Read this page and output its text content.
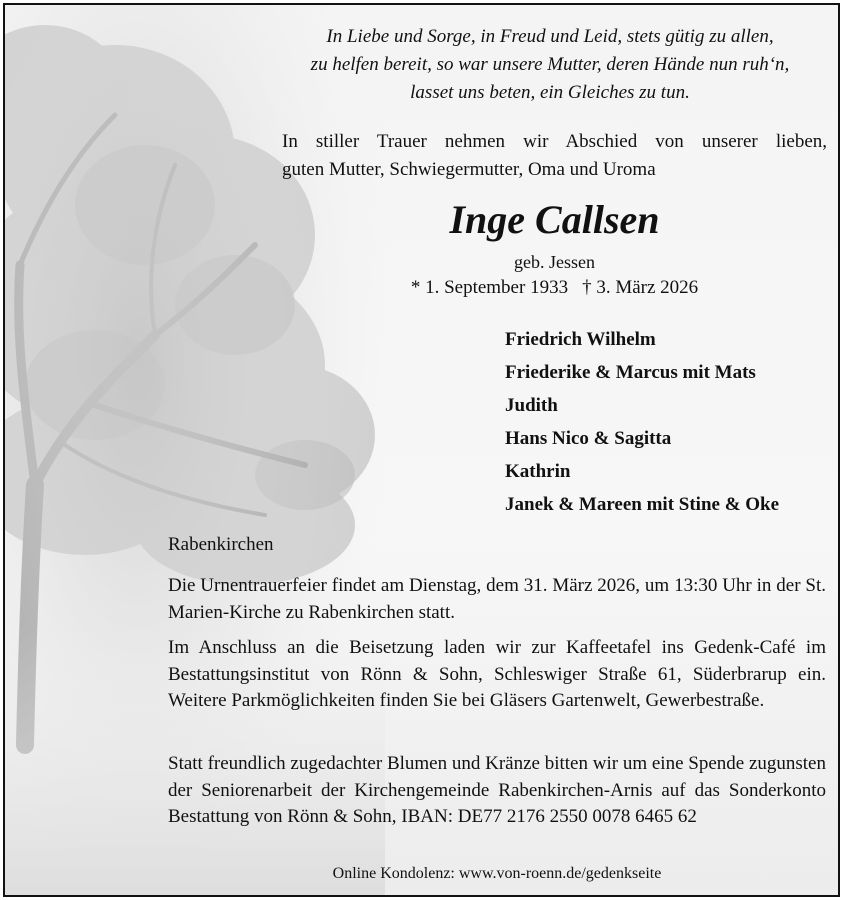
In Liebe und Sorge, in Freud und Leid, stets gütig zu allen,
zu helfen bereit, so war unsere Mutter, deren Hände nun ruh‘n,
lasset uns beten, ein Gleiches zu tun.
In stiller Trauer nehmen wir Abschied von unserer lieben,
guten Mutter, Schwiegermutter, Oma und Uroma
Inge Callsen
geb. Jessen
* 1. September 1933 † 3. März 2026
Friedrich Wilhelm
Friederike & Marcus mit Mats
Judith
Hans Nico & Sagitta
Kathrin
Janek & Mareen mit Stine & Oke
Rabenkirchen
Die Urnentrauerfeier findet am Dienstag, dem 31. März 2026, um 13:30 Uhr in der St. Marien-Kirche zu Rabenkirchen statt.
Im Anschluss an die Beisetzung laden wir zur Kaffeetafel ins Gedenk-Café im Bestattungsinstitut von Rönn & Sohn, Schleswiger Straße 61, Süderbrarup ein. Weitere Parkmöglichkeiten finden Sie bei Gläsers Gartenwelt, Gewerbestraße.
Statt freundlich zugedachter Blumen und Kränze bitten wir um eine Spende zugunsten der Seniorenarbeit der Kirchengemeinde Rabenkirchen-Arnis auf das Sonderkonto Bestattung von Rönn & Sohn, IBAN: DE77 2176 2550 0078 6465 62
Online Kondolenz: www.von-roenn.de/gedenkseite
